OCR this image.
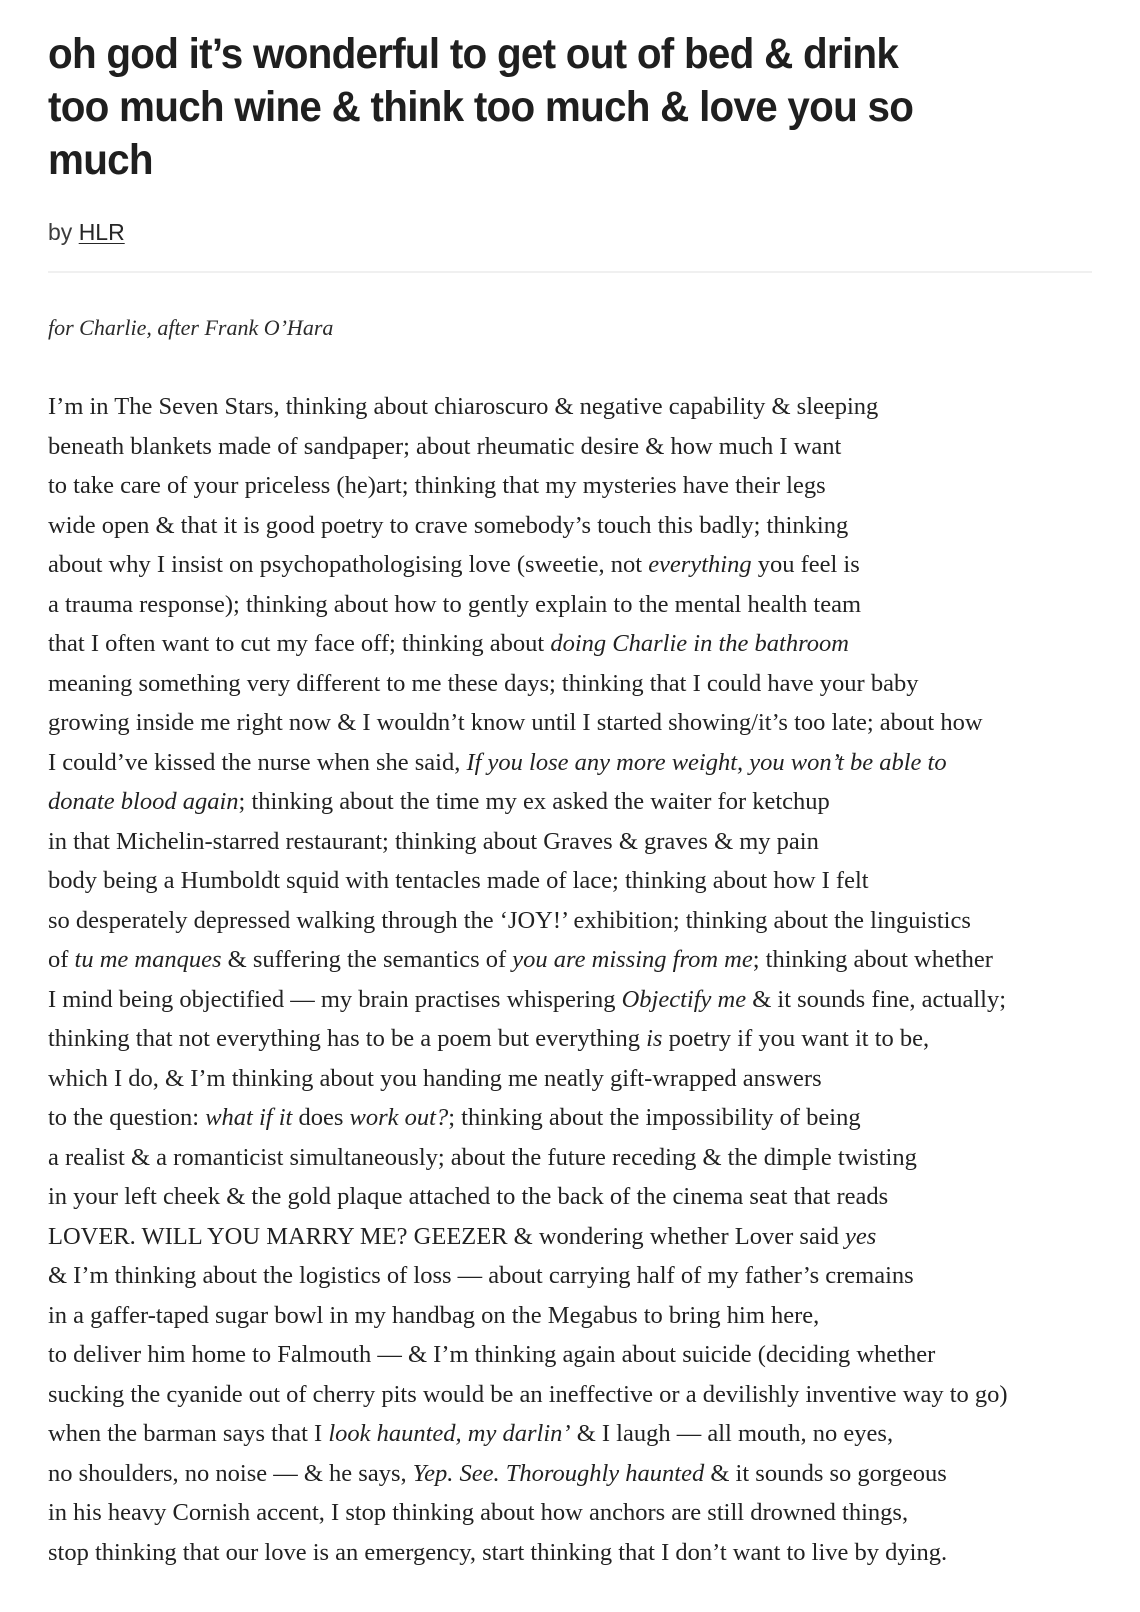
oh god it’s wonderful to get out of bed & drink too much wine & think too much & love you so much

by HLR

for Charlie, after Frank O’Hara

I’m in The Seven Stars, thinking about chiaroscuro & negative capability & sleeping
beneath blankets made of sandpaper; about rheumatic desire & how much I want
to take care of your priceless (he)art; thinking that my mysteries have their legs
wide open & that it is good poetry to crave somebody’s touch this badly; thinking
about why I insist on psychopathologising love (sweetie, not everything you feel is
a trauma response); thinking about how to gently explain to the mental health team
that I often want to cut my face off; thinking about doing Charlie in the bathroom
meaning something very different to me these days; thinking that I could have your baby
growing inside me right now & I wouldn’t know until I started showing/it’s too late; about how
I could’ve kissed the nurse when she said, If you lose any more weight, you won’t be able to
donate blood again; thinking about the time my ex asked the waiter for ketchup
in that Michelin-starred restaurant; thinking about Graves & graves & my pain
body being a Humboldt squid with tentacles made of lace; thinking about how I felt
so desperately depressed walking through the ‘JOY!’ exhibition; thinking about the linguistics
of tu me manques & suffering the semantics of you are missing from me; thinking about whether
I mind being objectified — my brain practises whispering Objectify me & it sounds fine, actually;
thinking that not everything has to be a poem but everything is poetry if you want it to be,
which I do, & I’m thinking about you handing me neatly gift-wrapped answers
to the question: what if it does work out?; thinking about the impossibility of being
a realist & a romanticist simultaneously; about the future receding & the dimple twisting
in your left cheek & the gold plaque attached to the back of the cinema seat that reads
LOVER. WILL YOU MARRY ME? GEEZER & wondering whether Lover said yes
& I’m thinking about the logistics of loss — about carrying half of my father’s cremains
in a gaffer-taped sugar bowl in my handbag on the Megabus to bring him here,
to deliver him home to Falmouth — & I’m thinking again about suicide (deciding whether
sucking the cyanide out of cherry pits would be an ineffective or a devilishly inventive way to go)
when the barman says that I look haunted, my darlin’ & I laugh — all mouth, no eyes,
no shoulders, no noise — & he says, Yep. See. Thoroughly haunted & it sounds so gorgeous
in his heavy Cornish accent, I stop thinking about how anchors are still drowned things,
stop thinking that our love is an emergency, start thinking that I don’t want to live by dying.
